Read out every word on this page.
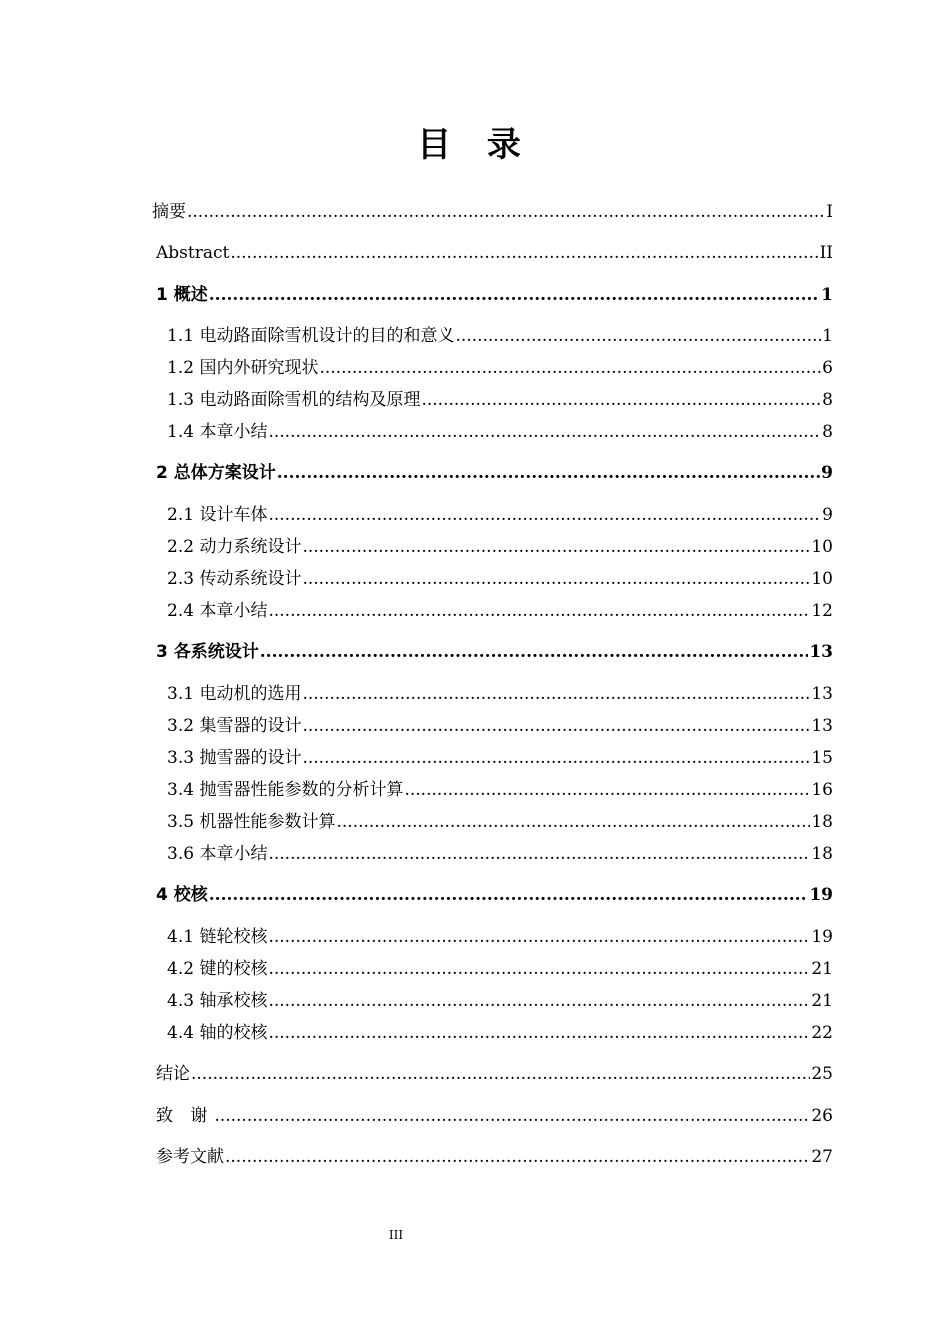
目 录
摘要 .....	I
Abstract .....	II
1 概述 .....	1
1.1 电动路面除雪机设计的目的和意义 .....	1
1.2 国内外研究现状 .....	6
1.3 电动路面除雪机的结构及原理 .....	8
1.4 本章小结 .....	8
2 总体方案设计 .....	9
2.1 设计车体 .....	9
2.2 动力系统设计 .....	10
2.3 传动系统设计 .....	10
2.4 本章小结 .....	12
3 各系统设计 .....	13
3.1 电动机的选用 .....	13
3.2 集雪器的设计 .....	13
3.3 抛雪器的设计 .....	15
3.4 抛雪器性能参数的分析计算 .....	16
3.5 机器性能参数计算 .....	18
3.6 本章小结 .....	18
4 校核 .....	19
4.1 链轮校核 .....	19
4.2 键的校核 .....	21
4.3 轴承校核 .....	21
4.4 轴的校核 .....	22
结论 .....	25
致 谢 .....	26
参考文献 .....	27
III
